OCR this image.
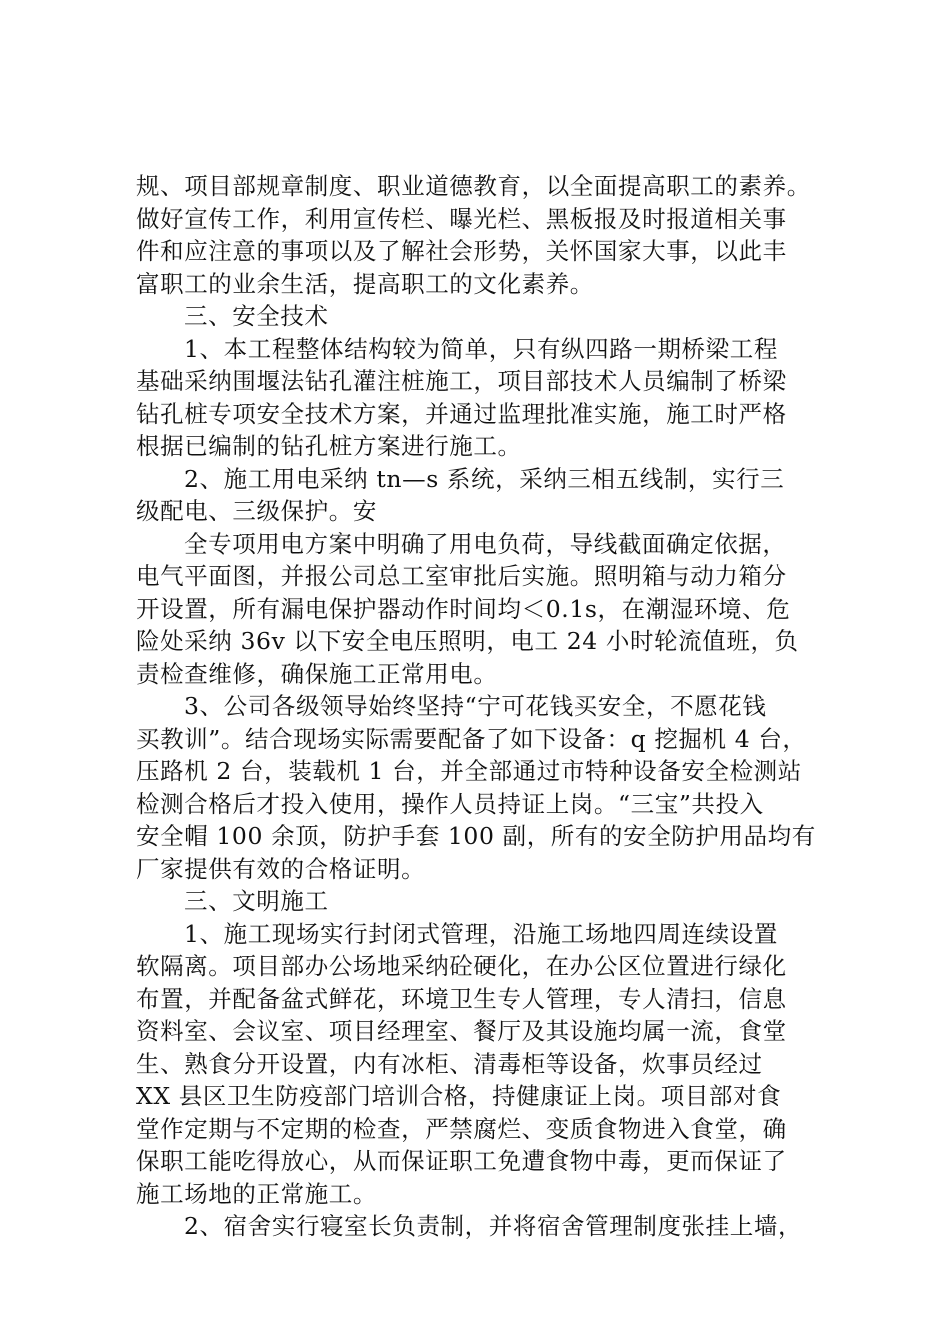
规、项目部规章制度、职业道德教育，以全面提高职工的素养。
做好宣传工作，利用宣传栏、曝光栏、黑板报及时报道相关事
件和应注意的事项以及了解社会形势，关怀国家大事，以此丰
富职工的业余生活，提高职工的文化素养。
三、安全技术
1、本工程整体结构较为简单，只有纵四路一期桥梁工程
基础采纳围堰法钻孔灌注桩施工，项目部技术人员编制了桥梁
钻孔桩专项安全技术方案，并通过监理批准实施，施工时严格
根据已编制的钻孔桩方案进行施工。
2、施工用电采纳 tn—s 系统，采纳三相五线制，实行三
级配电、三级保护。安
全专项用电方案中明确了用电负荷，导线截面确定依据，
电气平面图，并报公司总工室审批后实施。照明箱与动力箱分
开设置，所有漏电保护器动作时间均＜0.1s，在潮湿环境、危
险处采纳 36v 以下安全电压照明，电工 24 小时轮流值班，负
责检查维修，确保施工正常用电。
3、公司各级领导始终坚持“宁可花钱买安全，不愿花钱
买教训”。结合现场实际需要配备了如下设备：q 挖掘机 4 台，
压路机 2 台，装载机 1 台，并全部通过市特种设备安全检测站
检测合格后才投入使用，操作人员持证上岗。“三宝”共投入
安全帽 100 余顶，防护手套 100 副，所有的安全防护用品均有
厂家提供有效的合格证明。
三、文明施工
1、施工现场实行封闭式管理，沿施工场地四周连续设置
软隔离。项目部办公场地采纳砼硬化，在办公区位置进行绿化
布置，并配备盆式鲜花，环境卫生专人管理，专人清扫，信息
资料室、会议室、项目经理室、餐厅及其设施均属一流，食堂
生、熟食分开设置，内有冰柜、清毒柜等设备，炊事员经过
XX 县区卫生防疫部门培训合格，持健康证上岗。项目部对食
堂作定期与不定期的检查，严禁腐烂、变质食物进入食堂，确
保职工能吃得放心，从而保证职工免遭食物中毒，更而保证了
施工场地的正常施工。
2、宿舍实行寝室长负责制，并将宿舍管理制度张挂上墙，
